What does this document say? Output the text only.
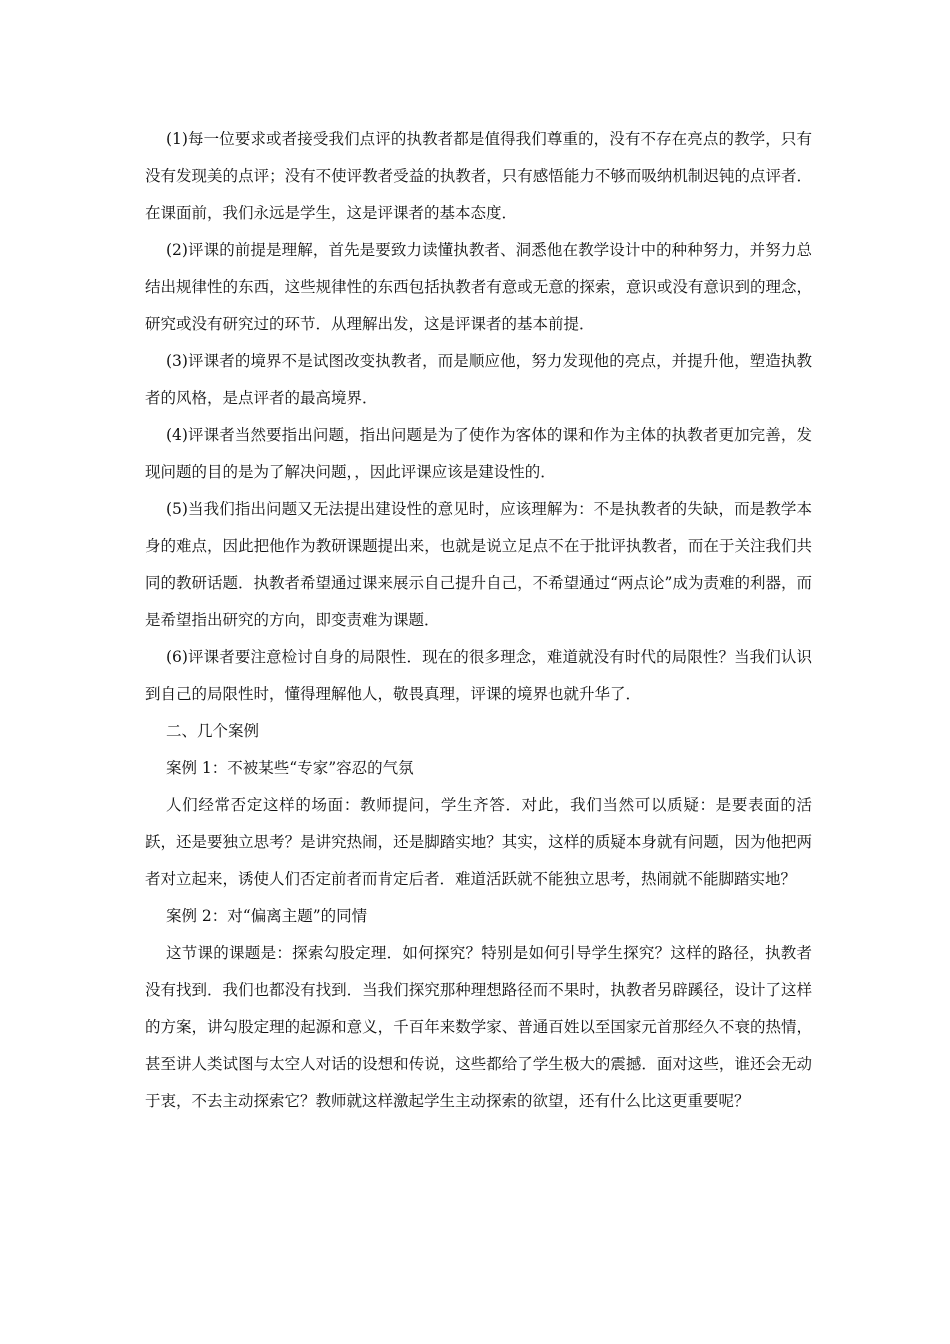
(1)每一位要求或者接受我们点评的执教者都是值得我们尊重的，没有不存在亮点的教学，只有没有发现美的点评；没有不使评教者受益的执教者，只有感悟能力不够而吸纳机制迟钝的点评者．在课面前，我们永远是学生，这是评课者的基本态度．

(2)评课的前提是理解，首先是要致力读懂执教者、洞悉他在教学设计中的种种努力，并努力总结出规律性的东西，这些规律性的东西包括执教者有意或无意的探索，意识或没有意识到的理念，研究或没有研究过的环节．从理解出发，这是评课者的基本前提．

(3)评课者的境界不是试图改变执教者，而是顺应他，努力发现他的亮点，并提升他，塑造执教者的风格，是点评者的最高境界．

(4)评课者当然要指出问题，指出问题是为了使作为客体的课和作为主体的执教者更加完善，发现问题的目的是为了解决问题，，因此评课应该是建设性的．

(5)当我们指出问题又无法提出建设性的意见时，应该理解为：不是执教者的失缺，而是教学本身的难点，因此把他作为教研课题提出来，也就是说立足点不在于批评执教者，而在于关注我们共同的教研话题．执教者希望通过课来展示自己提升自己，不希望通过“两点论”成为责难的利器，而是希望指出研究的方向，即变责难为课题．

(6)评课者要注意检讨自身的局限性．现在的很多理念，难道就没有时代的局限性？当我们认识到自己的局限性时，懂得理解他人，敬畏真理，评课的境界也就升华了．

二、几个案例

案例 1：不被某些“专家”容忍的气氛

人们经常否定这样的场面：教师提问，学生齐答．对此，我们当然可以质疑：是要表面的活跃，还是要独立思考？是讲究热闹，还是脚踏实地？其实，这样的质疑本身就有问题，因为他把两者对立起来，诱使人们否定前者而肯定后者．难道活跃就不能独立思考，热闹就不能脚踏实地？

案例 2：对“偏离主题”的同情

这节课的课题是：探索勾股定理．如何探究？特别是如何引导学生探究？这样的路径，执教者没有找到．我们也都没有找到．当我们探究那种理想路径而不果时，执教者另辟蹊径，设计了这样的方案，讲勾股定理的起源和意义，千百年来数学家、普通百姓以至国家元首那经久不衰的热情，甚至讲人类试图与太空人对话的设想和传说，这些都给了学生极大的震撼．面对这些，谁还会无动于衷，不去主动探索它？教师就这样激起学生主动探索的欲望，还有什么比这更重要呢？
